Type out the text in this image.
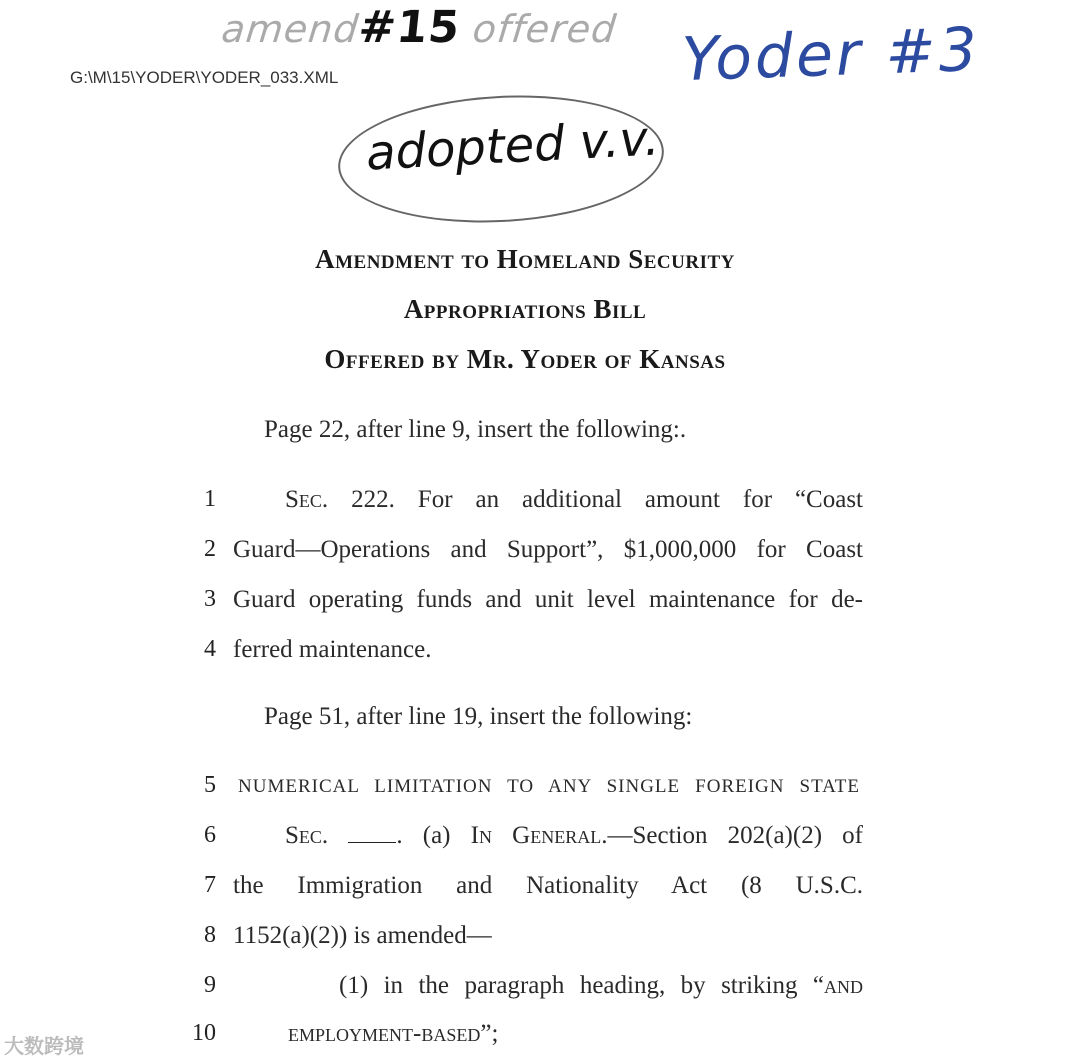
amend#15 offered
G:\M\15\YODER\YODER_033.XML	Yoder #3
adopted v.v.
Amendment to Homeland Security
Appropriations Bill
Offered by Mr. Yoder of Kansas
Page 22, after line 9, insert the following:.
1	Sec. 222. For an additional amount for “Coast
2 Guard—Operations and Support”, $1,000,000 for Coast
3 Guard operating funds and unit level maintenance for de-
4 ferred maintenance.
Page 51, after line 19, insert the following:
5 NUMERICAL LIMITATION TO ANY SINGLE FOREIGN STATE
6	Sec.	. (a) In General.—Section 202(a)(2) of
7 the Immigration and Nationality Act (8 U.S.C.
8 1152(a)(2)) is amended—
9	(1) in the paragraph heading, by striking “and
10	employment-based”;
大数跨境
